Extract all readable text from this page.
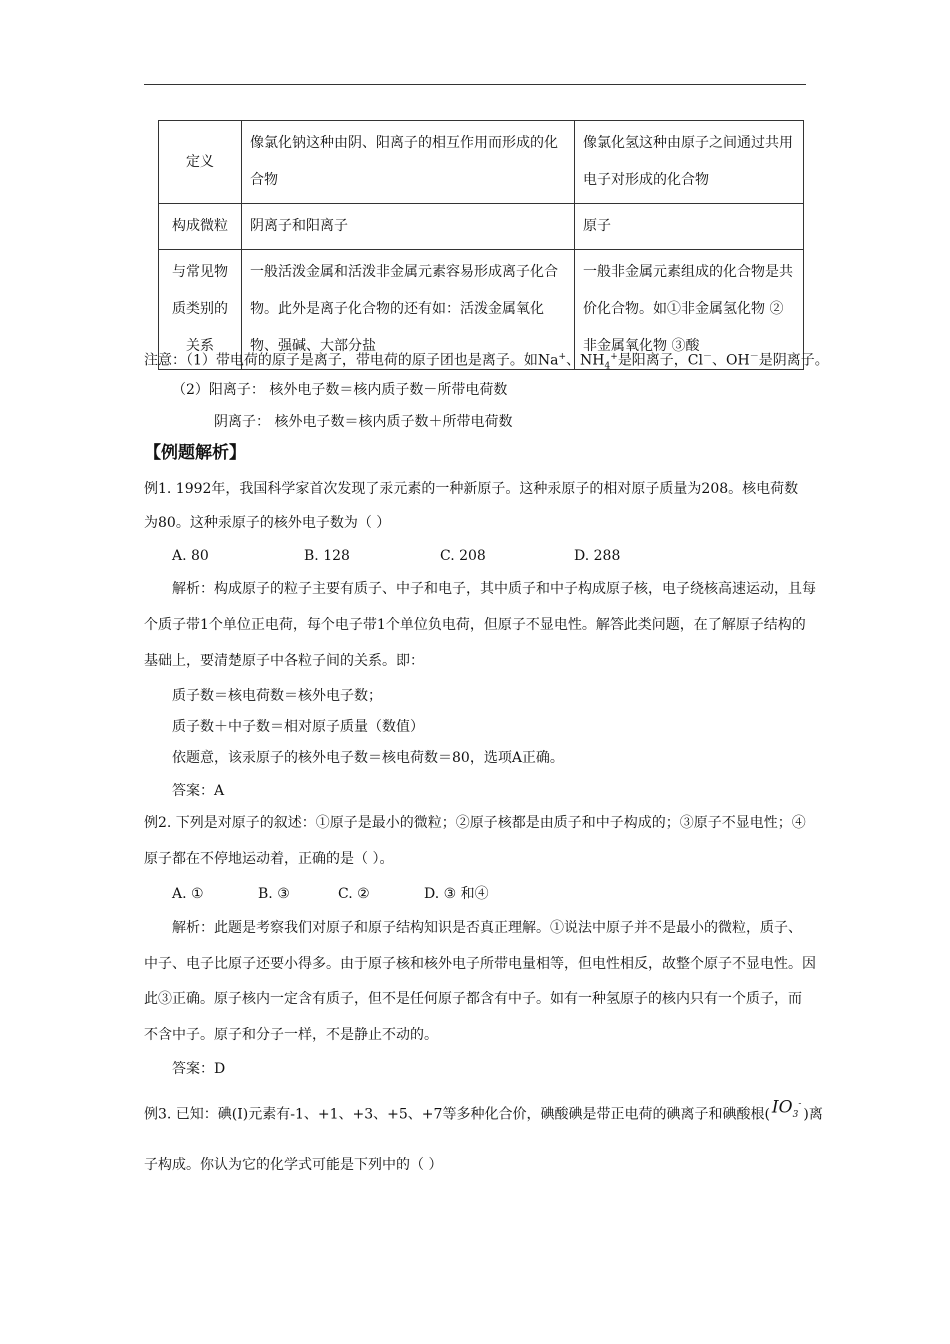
定义	像氯化钠这种由阴、阳离子的相互作用而形成的化合物	像氯化氢这种由原子之间通过共用电子对形成的化合物
构成微粒	阴离子和阳离子	原子
与常见物质类别的关系	一般活泼金属和活泼非金属元素容易形成离子化合物。此外是离子化合物的还有如：活泼金属氧化物、强碱、大部分盐	一般非金属元素组成的化合物是共价化合物。如①非金属氢化物 ② 非金属氧化物 ③酸
注意：（1）带电荷的原子是离子，带电荷的原子团也是离子。如Na+、$NH_4^+$是阳离子，Cl－、OH－是阴离子。
（2）阳离子： 核外电子数＝核内质子数－所带电荷数
阴离子： 核外电子数＝核内质子数＋所带电荷数
【例题解析】
例1. 1992年，我国科学家首次发现了汞元素的一种新原子。这种汞原子的相对原子质量为208。核电荷数
为80。这种汞原子的核外电子数为（ ）
A. 80	B. 128	C. 208	D. 288
解析：构成原子的粒子主要有质子、中子和电子，其中质子和中子构成原子核，电子绕核高速运动，且每
个质子带1个单位正电荷，每个电子带1个单位负电荷，但原子不显电性。解答此类问题，在了解原子结构的
基础上，要清楚原子中各粒子间的关系。即：
质子数＝核电荷数＝核外电子数；
质子数＋中子数＝相对原子质量（数值）
依题意，该汞原子的核外电子数＝核电荷数＝80，选项A正确。
答案：A
例2. 下列是对原子的叙述：①原子是最小的微粒；②原子核都是由质子和中子构成的；③原子不显电性；④
原子都在不停地运动着，正确的是（ ）。
A. ①	B. ③	C. ②	D. ③ 和④
解析：此题是考察我们对原子和原子结构知识是否真正理解。①说法中原子并不是最小的微粒，质子、
中子、电子比原子还要小得多。由于原子核和核外电子所带电量相等，但电性相反，故整个原子不显电性。因
此③正确。原子核内一定含有质子，但不是任何原子都含有中子。如有一种氢原子的核内只有一个质子，而
不含中子。原子和分子一样，不是静止不动的。
答案：D
例3. 已知：碘(I)元素有-1、+1、+3、+5、+7等多种化合价，碘酸碘是带正电荷的碘离子和碘酸根( $IO_3^-$)离
子构成。你认为它的化学式可能是下列中的（ ）
